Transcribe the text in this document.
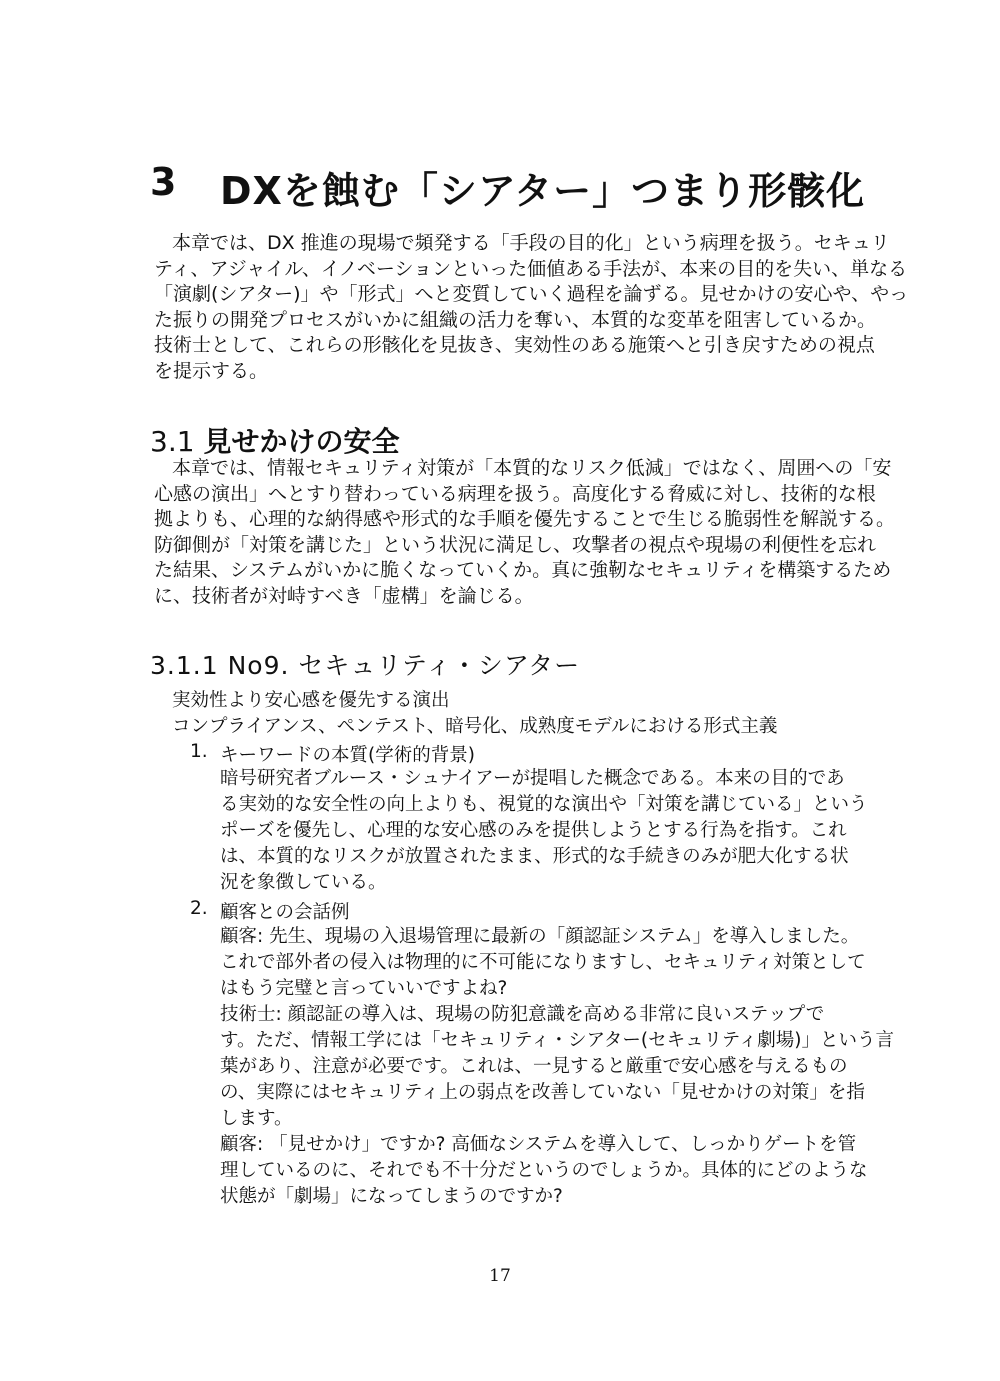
3 DXを蝕む「シアター」つまり形骸化
本章では、DX 推進の現場で頻発する「手段の目的化」という病理を扱う。セキュリ
ティ、アジャイル、イノベーションといった価値ある手法が、本来の目的を失い、単なる
「演劇(シアター)」や「形式」へと変質していく過程を論ずる。見せかけの安心や、やっ
た振りの開発プロセスがいかに組織の活力を奪い、本質的な変革を阻害しているか。
技術士として、これらの形骸化を見抜き、実効性のある施策へと引き戻すための視点
を提示する。
3.1 見せかけの安全
本章では、情報セキュリティ対策が「本質的なリスク低減」ではなく、周囲への「安
心感の演出」へとすり替わっている病理を扱う。高度化する脅威に対し、技術的な根
拠よりも、心理的な納得感や形式的な手順を優先することで生じる脆弱性を解説する。
防御側が「対策を講じた」という状況に満足し、攻撃者の視点や現場の利便性を忘れ
た結果、システムがいかに脆くなっていくか。真に強靭なセキュリティを構築するため
に、技術者が対峙すべき「虚構」を論じる。
3.1.1 No9. セキュリティ・シアター
実効性より安心感を優先する演出
コンプライアンス、ペンテスト、暗号化、成熟度モデルにおける形式主義
1. キーワードの本質(学術的背景)
暗号研究者ブルース・シュナイアーが提唱した概念である。本来の目的であ
る実効的な安全性の向上よりも、視覚的な演出や「対策を講じている」という
ポーズを優先し、心理的な安心感のみを提供しようとする行為を指す。これ
は、本質的なリスクが放置されたまま、形式的な手続きのみが肥大化する状
況を象徴している。
2. 顧客との会話例
顧客: 先生、現場の入退場管理に最新の「顔認証システム」を導入しました。
これで部外者の侵入は物理的に不可能になりますし、セキュリティ対策として
はもう完璧と言っていいですよね?
技術士: 顔認証の導入は、現場の防犯意識を高める非常に良いステップで
す。ただ、情報工学には「セキュリティ・シアター(セキュリティ劇場)」という言
葉があり、注意が必要です。これは、一見すると厳重で安心感を与えるもの
の、実際にはセキュリティ上の弱点を改善していない「見せかけの対策」を指
します。
顧客: 「見せかけ」ですか? 高価なシステムを導入して、しっかりゲートを管
理しているのに、それでも不十分だというのでしょうか。具体的にどのような
状態が「劇場」になってしまうのですか?
17
